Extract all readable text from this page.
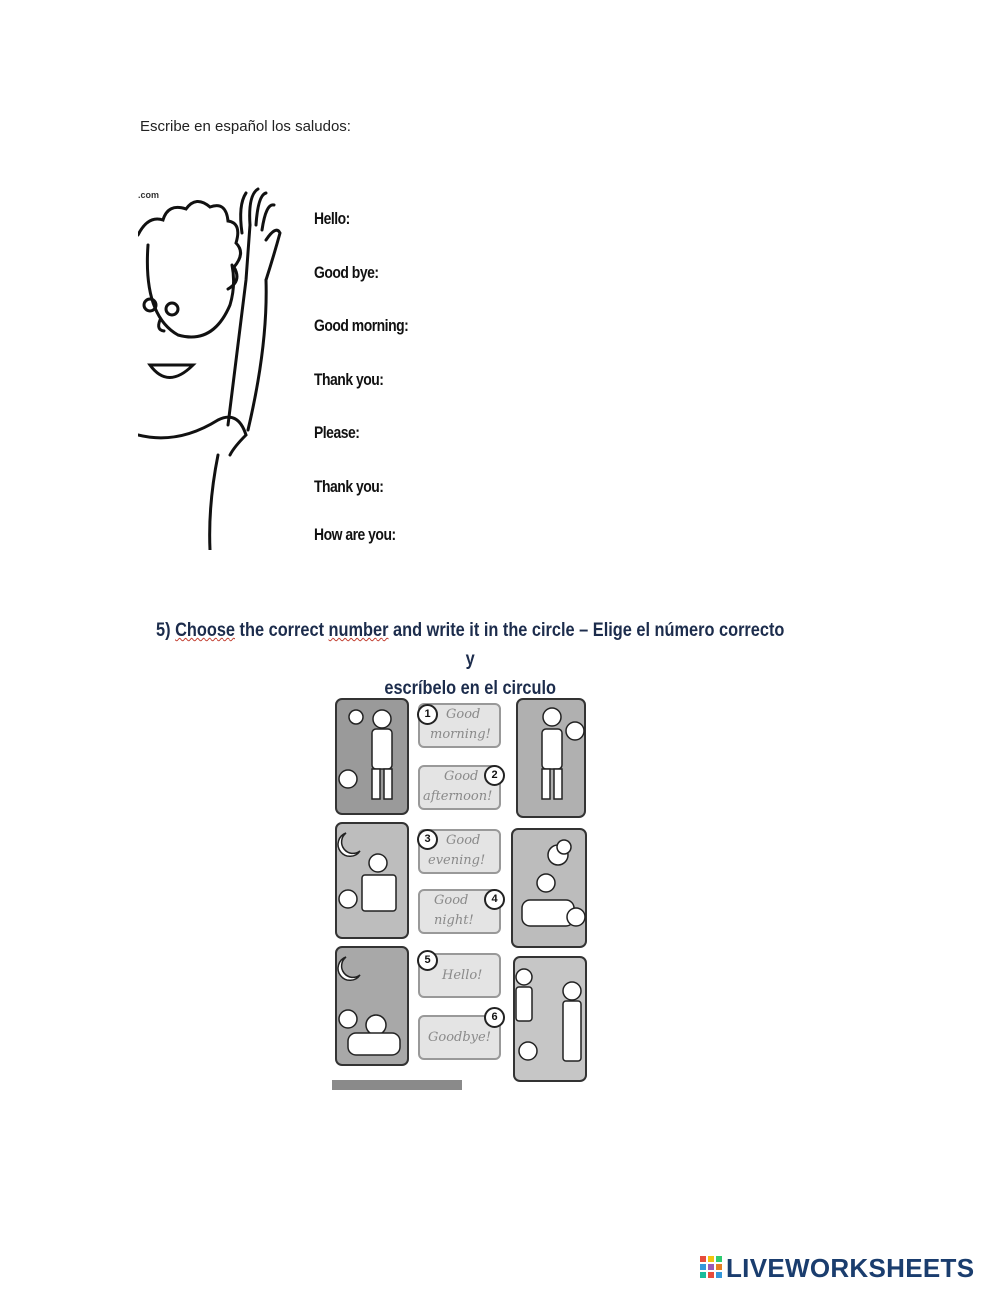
Escribe en español los saludos:
.com
Hello:
Good bye:
Good morning:
Thank you:
Please:
Thank you:
How are you:
5) Choose the correct number and write it in the circle – Elige el número correcto y
escríbelo en el circulo
Good
morning!
1
Good
afternoon!
2
Good
evening!
3
Good
night!
4
Hello!
5
Goodbye!
6
LIVEWORKSHEETS
